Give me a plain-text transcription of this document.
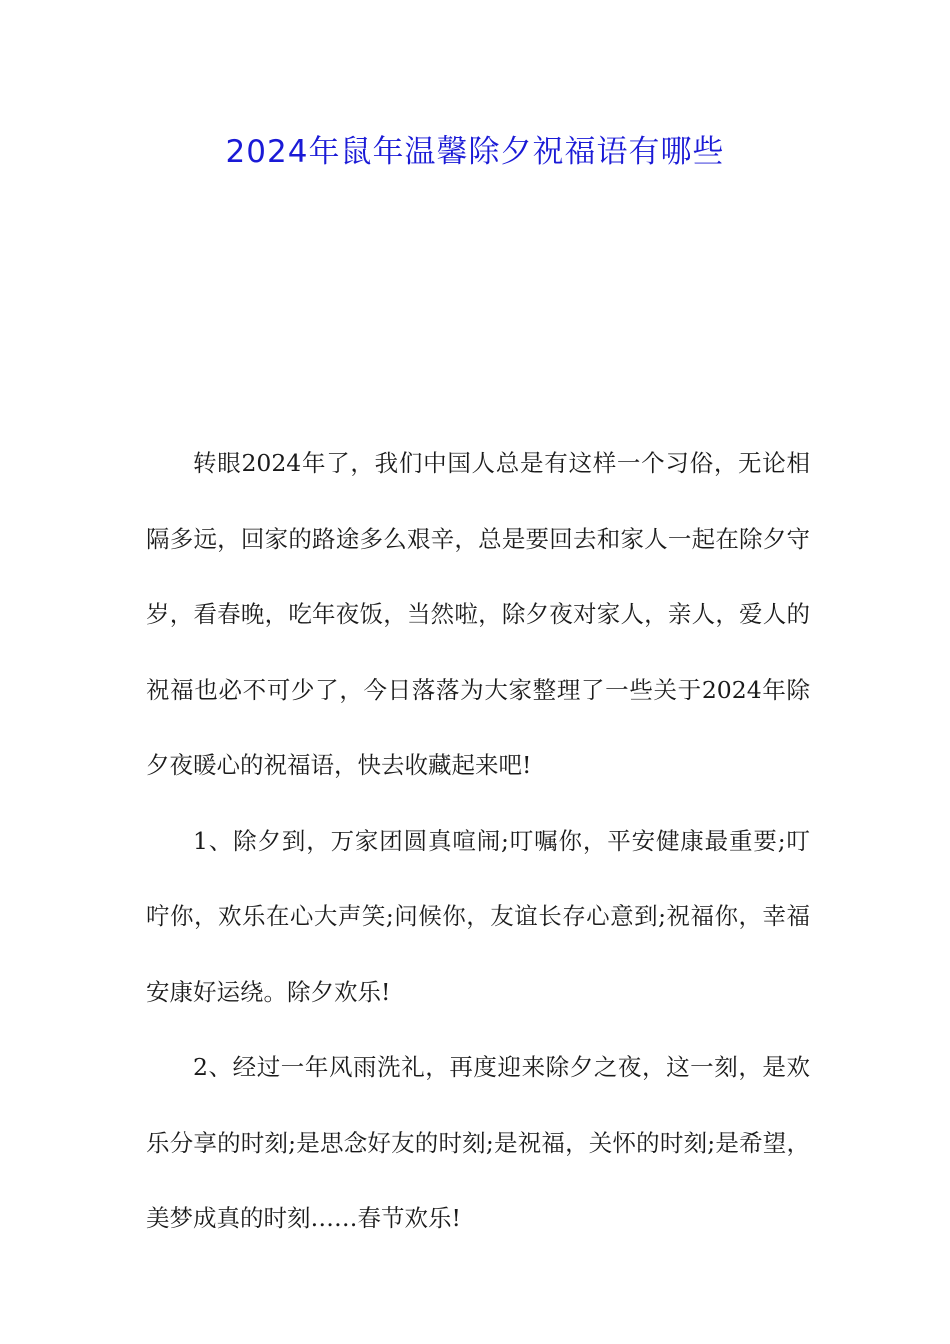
2024年鼠年温馨除夕祝福语有哪些

转眼2024年了，我们中国人总是有这样一个习俗，无论相隔多远，回家的路途多么艰辛，总是要回去和家人一起在除夕守岁，看春晚，吃年夜饭，当然啦，除夕夜对家人，亲人，爱人的祝福也必不可少了，今日落落为大家整理了一些关于2024年除夕夜暖心的祝福语，快去收藏起来吧!

1、除夕到，万家团圆真喧闹;叮嘱你，平安健康最重要;叮咛你，欢乐在心大声笑;问候你，友谊长存心意到;祝福你，幸福安康好运绕。除夕欢乐!

2、经过一年风雨洗礼，再度迎来除夕之夜，这一刻，是欢乐分享的时刻;是思念好友的时刻;是祝福，关怀的时刻;是希望，美梦成真的时刻……春节欢乐!
